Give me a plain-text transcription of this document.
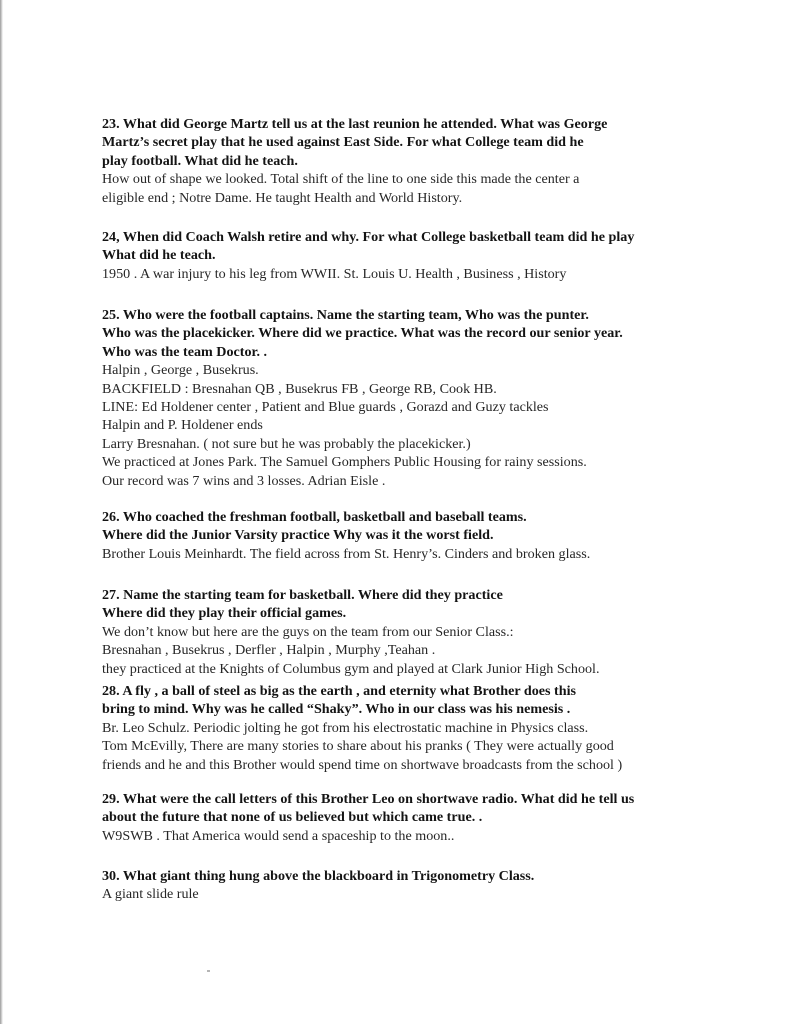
23. What did George Martz tell us at the last reunion he attended. What was George
Martz’s secret play that he used against East Side. For what College team did he
play football. What did he teach.
How out of shape we looked. Total shift of the line to one side this made the center a
eligible end ; Notre Dame. He taught Health and World History.
24, When did Coach Walsh retire and why. For what College basketball team did he play
What did he teach.
1950 . A war injury to his leg from WWII. St. Louis U. Health , Business , History
25. Who were the football captains. Name the starting team, Who was the punter.
Who was the placekicker. Where did we practice. What was the record our senior year.
Who was the team Doctor. .
Halpin , George , Busekrus.
BACKFIELD : Bresnahan QB , Busekrus FB , George RB, Cook HB.
LINE: Ed Holdener center , Patient and Blue guards , Gorazd and Guzy tackles
Halpin and P. Holdener ends
Larry Bresnahan. ( not sure but he was probably the placekicker.)
We practiced at Jones Park. The Samuel Gomphers Public Housing for rainy sessions.
Our record was 7 wins and 3 losses. Adrian Eisle .
26. Who coached the freshman football, basketball and baseball teams.
Where did the Junior Varsity practice Why was it the worst field.
Brother Louis Meinhardt. The field across from St. Henry’s. Cinders and broken glass.
27. Name the starting team for basketball. Where did they practice
Where did they play their official games.
We don’t know but here are the guys on the team from our Senior Class.:
Bresnahan , Busekrus , Derfler , Halpin , Murphy ,Teahan .
they practiced at the Knights of Columbus gym and played at Clark Junior High School.
28. A fly , a ball of steel as big as the earth , and eternity what Brother does this
bring to mind. Why was he called “Shaky”. Who in our class was his nemesis .
Br. Leo Schulz. Periodic jolting he got from his electrostatic machine in Physics class.
Tom McEvilly, There are many stories to share about his pranks ( They were actually good
friends and he and this Brother would spend time on shortwave broadcasts from the school )
29. What were the call letters of this Brother Leo on shortwave radio. What did he tell us
about the future that none of us believed but which came true. .
W9SWB . That America would send a spaceship to the moon..
30. What giant thing hung above the blackboard in Trigonometry Class.
A giant slide rule
